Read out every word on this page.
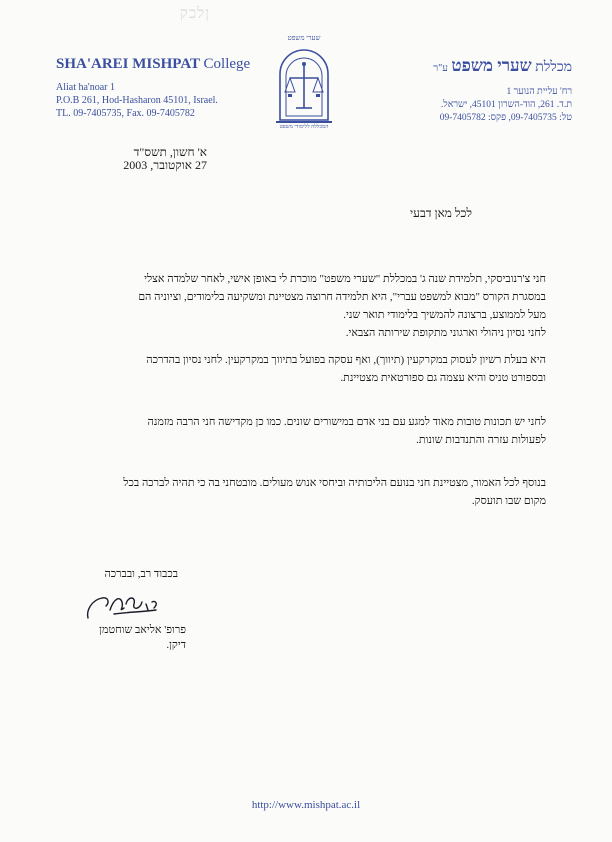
ןלכק
SHA'AREI MISHPAT College
Aliat ha'noar 1
P.O.B 261, Hod-Hasharon 45101, Israel.
TL. 09-7405735, Fax. 09-7405782
שערי משפט
המכללה ללימודי משפט
מכללת שערי משפט ע"ר
רח' עליית הנוער 1
ת.ד. 261, הוד-השרון 45101, ישראל.
טל: 09-7405735, פקס: 09-7405782
א' חשון, תשס"ד
27 אוקטובר, 2003
לכל מאן דבעי
חני צ'רנוביסקי, תלמידת שנה ג' במכללת "שערי משפט" מוכרת לי באופן אישי, לאחר שלמדה אצלי
במסגרת הקורס "מבוא למשפט עברי", היא תלמידה חרוצה מצטיינת ומשקיעה בלימודים, וציוניה הם
מעל לממוצע, ברצונה להמשיך בלימודי תואר שני.
לחני נסיון ניהולי וארגוני מתקופת שירותה הצבאי.
היא בעלת רשיון לעסוק במקרקעין (תיווך), ואף עסקה בפועל בתיווך במקרקעין. לחני נסיון בהדרכה
ובספורט טניס והיא עצמה גם ספורטאית מצטיינת.
לחני יש תכונות טובות מאוד למגע עם בני אדם במישורים שונים. כמו כן מקדישה חני הרבה מזמנה
לפעולות עזרה והתנדבות שונות.
בנוסף לכל האמור, מצטיינת חני בנועם הליכותיה וביחסי אנוש מעולים. מובטחני בה כי תהיה לברכה בכל
מקום שבו תועסק.
בכבוד רב, ובברכה
פרופ' אליאב שוחטמן
דיקן.
http://www.mishpat.ac.il
